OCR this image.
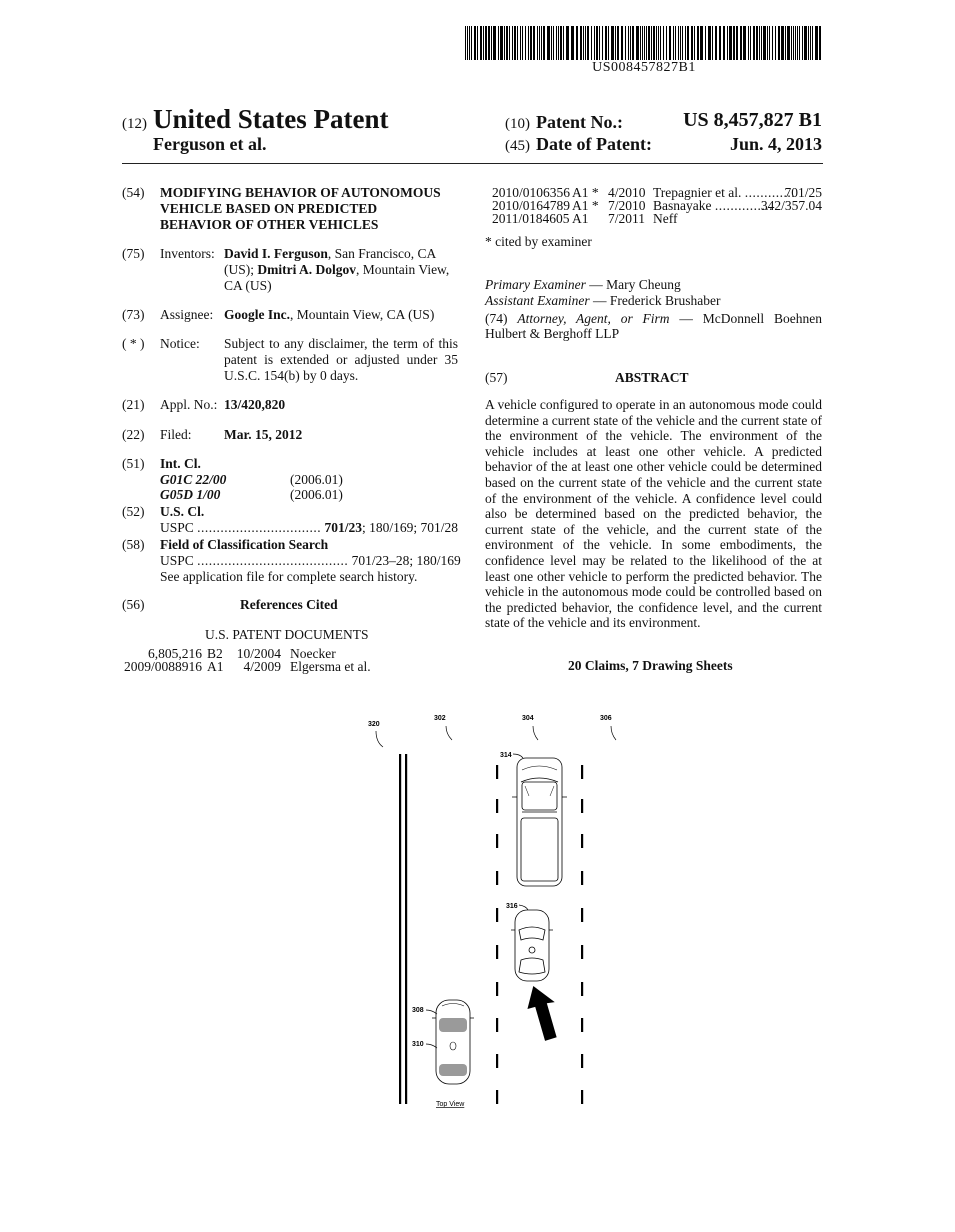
US008457827B1
(12) United States Patent
Ferguson et al.
(10) Patent No.:	US 8,457,827 B1
(45) Date of Patent:	Jun. 4, 2013
(54) MODIFYING BEHAVIOR OF AUTONOMOUS
VEHICLE BASED ON PREDICTED
BEHAVIOR OF OTHER VEHICLES
(75) Inventors: David I. Ferguson, San Francisco, CA
(US); Dmitri A. Dolgov, Mountain View,
CA (US)
(73) Assignee: Google Inc., Mountain View, CA (US)
( * ) Notice: Subject to any disclaimer, the term of this
patent is extended or adjusted under 35
U.S.C. 154(b) by 0 days.
(21) Appl. No.: 13/420,820
(22) Filed: Mar. 15, 2012
(51) Int. Cl.
G01C 22/00	(2006.01)
G05D 1/00	(2006.01)
(52) U.S. Cl.
USPC ................................ 701/23; 180/169; 701/28
(58) Field of Classification Search
USPC ....................................... 701/23–28; 180/169
See application file for complete search history.
(56)	References Cited
U.S. PATENT DOCUMENTS
6,805,216 B2	10/2004 Noecker
2009/0088916 A1	4/2009 Elgersma et al.
2010/0106356 A1 * 4/2010 Trepagnier et al. .............
701/25
2010/0164789 A1 * 7/2010 Basnayake ...............
342/357.04
2011/0184605 A1 7/2011 Neff
* cited by examiner
Primary Examiner — Mary Cheung
Assistant Examiner — Frederick Brushaber
(74) Attorney, Agent, or Firm — McDonnell Boehnen
Hulbert & Berghoff LLP
(57)	ABSTRACT
A vehicle configured to operate in an autonomous mode could determine a current state of the vehicle and the current state of the environment of the vehicle. The environment of the vehicle includes at least one other vehicle. A predicted behavior of the at least one other vehicle could be determined based on the current state of the vehicle and the current state of the environment of the vehicle. A confidence level could also be determined based on the predicted behavior, the current state of the vehicle, and the current state of the environment of the vehicle. In some embodiments, the confidence level may be related to the likelihood of the at least one other vehicle to perform the predicted behavior. The vehicle in the autonomous mode could be controlled based on the predicted behavior, the confidence level, and the current state of the vehicle and its environment.
20 Claims, 7 Drawing Sheets
320
302	304	306
314
316
308
310
Top View
